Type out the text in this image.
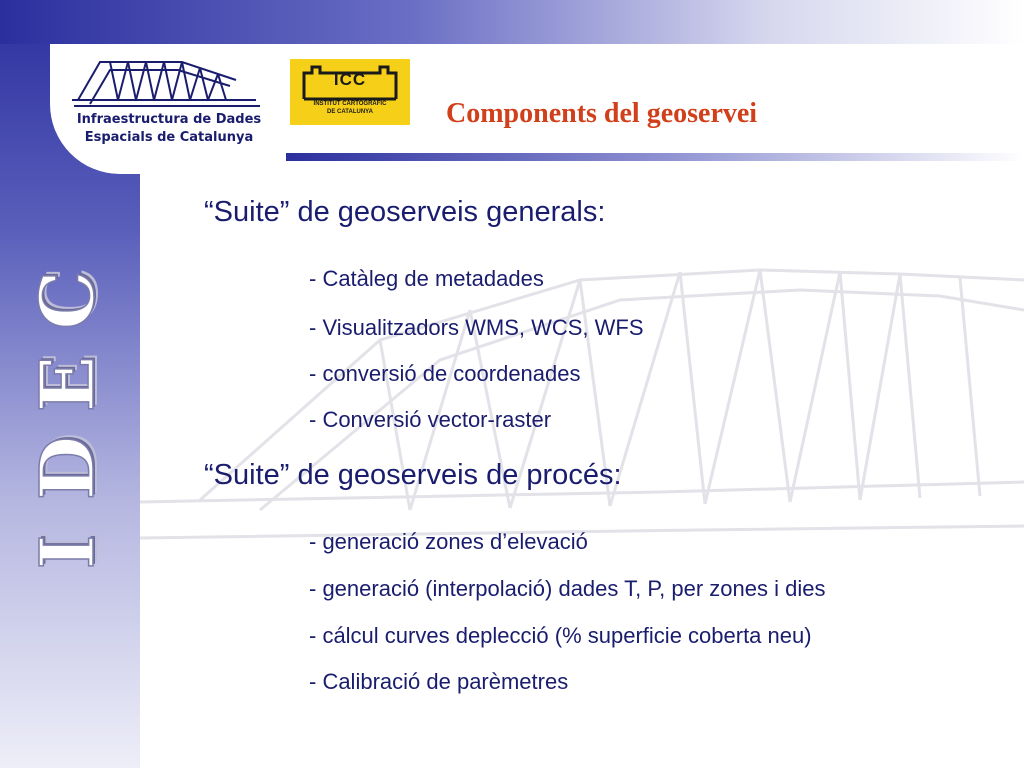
Infraestructura de Dades
Espacials de Catalunya
ICC
INSTITUT CARTOGRÀFIC
DE CATALUNYA	Components del geoservei
C
E
D
I
“Suite” de geoserveis generals:
- Catàleg de metadades
- Visualitzadors WMS, WCS, WFS
- conversió de coordenades
- Conversió vector-raster
“Suite” de geoserveis de procés:
- generació zones d’elevació
- generació (interpolació) dades T, P, per zones i dies
- cálcul curves deplecció (% superficie coberta neu)
- Calibració de parèmetres
